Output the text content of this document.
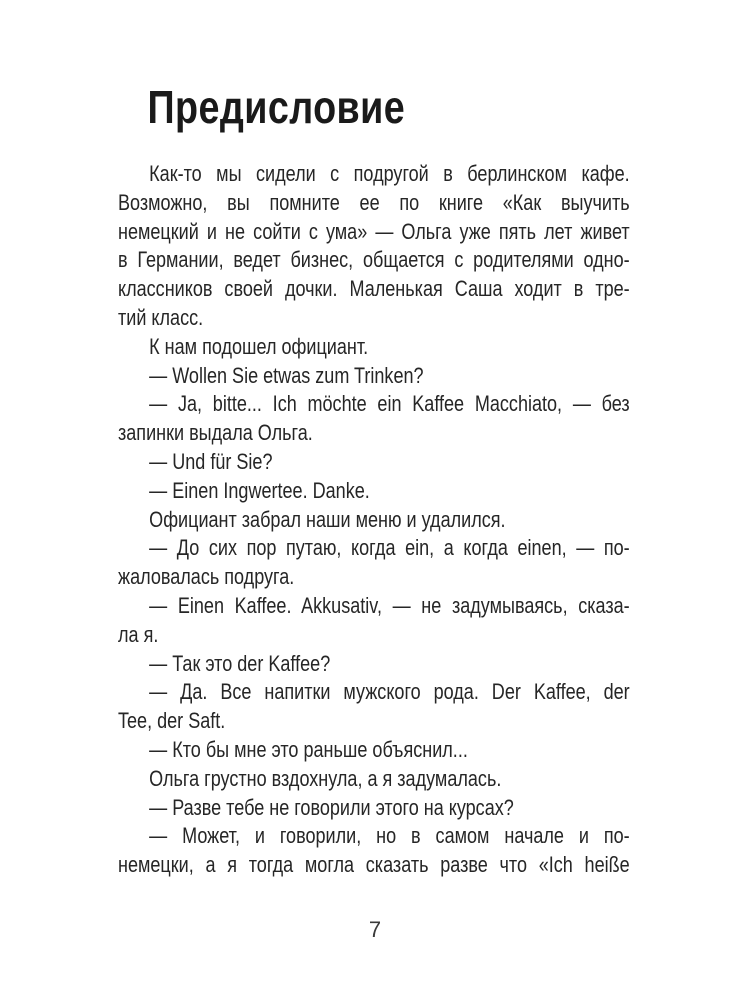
Предисловие
Как-то мы сидели с подругой в берлинском кафе.
Возможно, вы помните ее по книге «Как выучить
немецкий и не сойти с ума» — Ольга уже пять лет живет
в Германии, ведет бизнес, общается с родителями одно-
классников своей дочки. Маленькая Саша ходит в тре-
тий класс.
К нам подошел официант.
— Wollen Sie etwas zum Trinken?
— Ja, bitte... Ich möchte ein Kaffee Macchiato, — без
запинки выдала Ольга.
— Und für Sie?
— Einen Ingwertee. Danke.
Официант забрал наши меню и удалился.
— До сих пор путаю, когда ein, а когда einen, — по-
жаловалась подруга.
— Einen Kaffee. Akkusativ, — не задумываясь, сказа-
ла я.
— Так это der Kaffee?
— Да. Все напитки мужского рода. Der Kaffee, der
Tee, der Saft.
— Кто бы мне это раньше объяснил...
Ольга грустно вздохнула, а я задумалась.
— Разве тебе не говорили этого на курсах?
— Может, и говорили, но в самом начале и по-
немецки, а я тогда могла сказать разве что «Ich heiße
7
